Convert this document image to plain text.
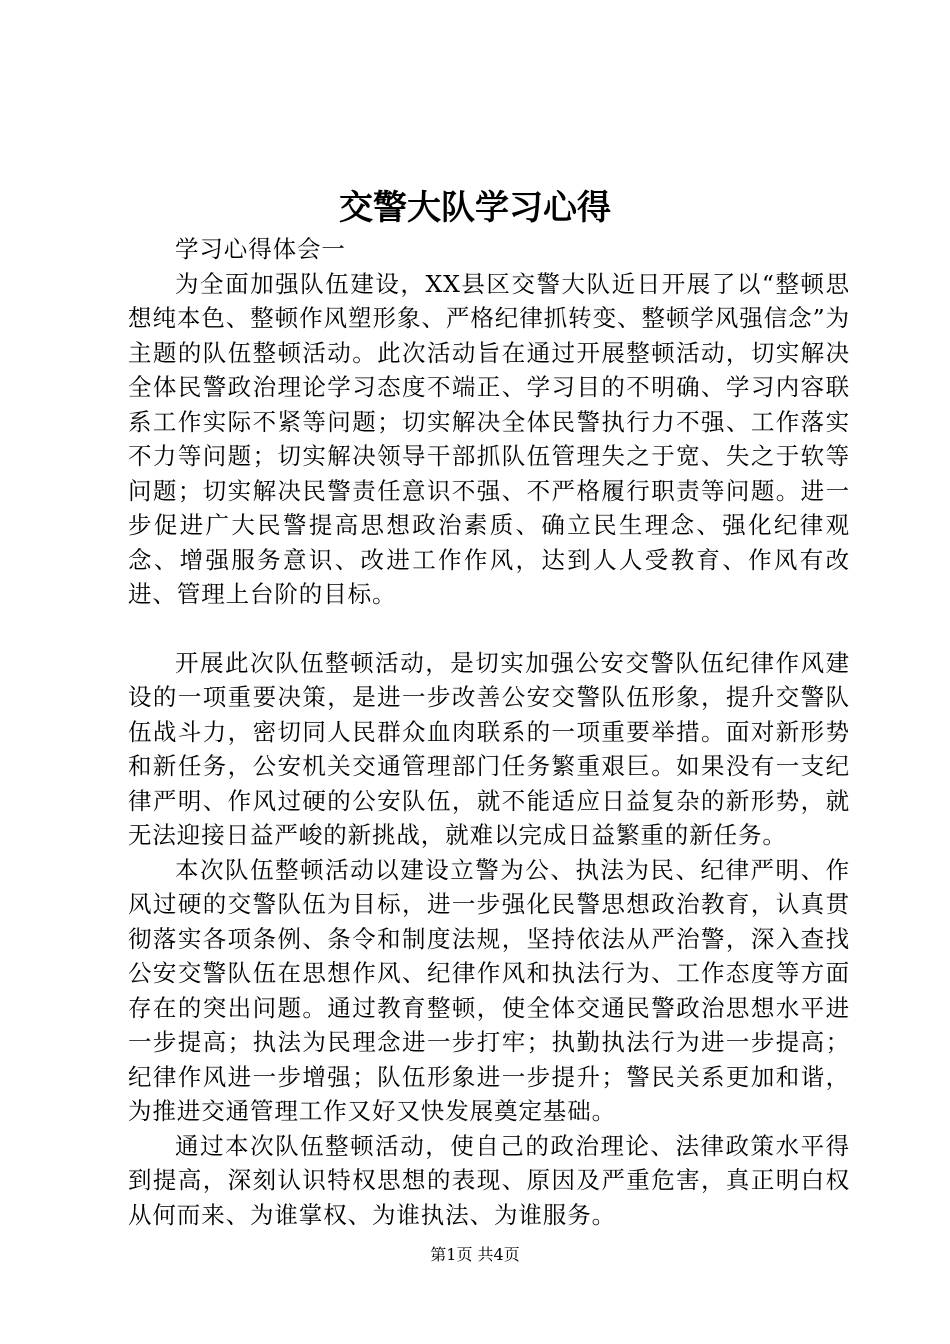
交警大队学习心得

学习心得体会一

为全面加强队伍建设，XX县区交警大队近日开展了以“整顿思想纯本色、整顿作风塑形象、严格纪律抓转变、整顿学风强信念”为主题的队伍整顿活动。此次活动旨在通过开展整顿活动，切实解决全体民警政治理论学习态度不端正、学习目的不明确、学习内容联系工作实际不紧等问题；切实解决全体民警执行力不强、工作落实不力等问题；切实解决领导干部抓队伍管理失之于宽、失之于软等问题；切实解决民警责任意识不强、不严格履行职责等问题。进一步促进广大民警提高思想政治素质、确立民生理念、强化纪律观念、增强服务意识、改进工作作风，达到人人受教育、作风有改进、管理上台阶的目标。

开展此次队伍整顿活动，是切实加强公安交警队伍纪律作风建设的一项重要决策，是进一步改善公安交警队伍形象，提升交警队伍战斗力，密切同人民群众血肉联系的一项重要举措。面对新形势和新任务，公安机关交通管理部门任务繁重艰巨。如果没有一支纪律严明、作风过硬的公安队伍，就不能适应日益复杂的新形势，就无法迎接日益严峻的新挑战，就难以完成日益繁重的新任务。

本次队伍整顿活动以建设立警为公、执法为民、纪律严明、作风过硬的交警队伍为目标，进一步强化民警思想政治教育，认真贯彻落实各项条例、条令和制度法规，坚持依法从严治警，深入查找公安交警队伍在思想作风、纪律作风和执法行为、工作态度等方面存在的突出问题。通过教育整顿，使全体交通民警政治思想水平进一步提高；执法为民理念进一步打牢；执勤执法行为进一步提高；纪律作风进一步增强；队伍形象进一步提升；警民关系更加和谐，为推进交通管理工作又好又快发展奠定基础。

通过本次队伍整顿活动，使自己的政治理论、法律政策水平得到提高，深刻认识特权思想的表现、原因及严重危害，真正明白权从何而来、为谁掌权、为谁执法、为谁服务。

第1页 共4页
